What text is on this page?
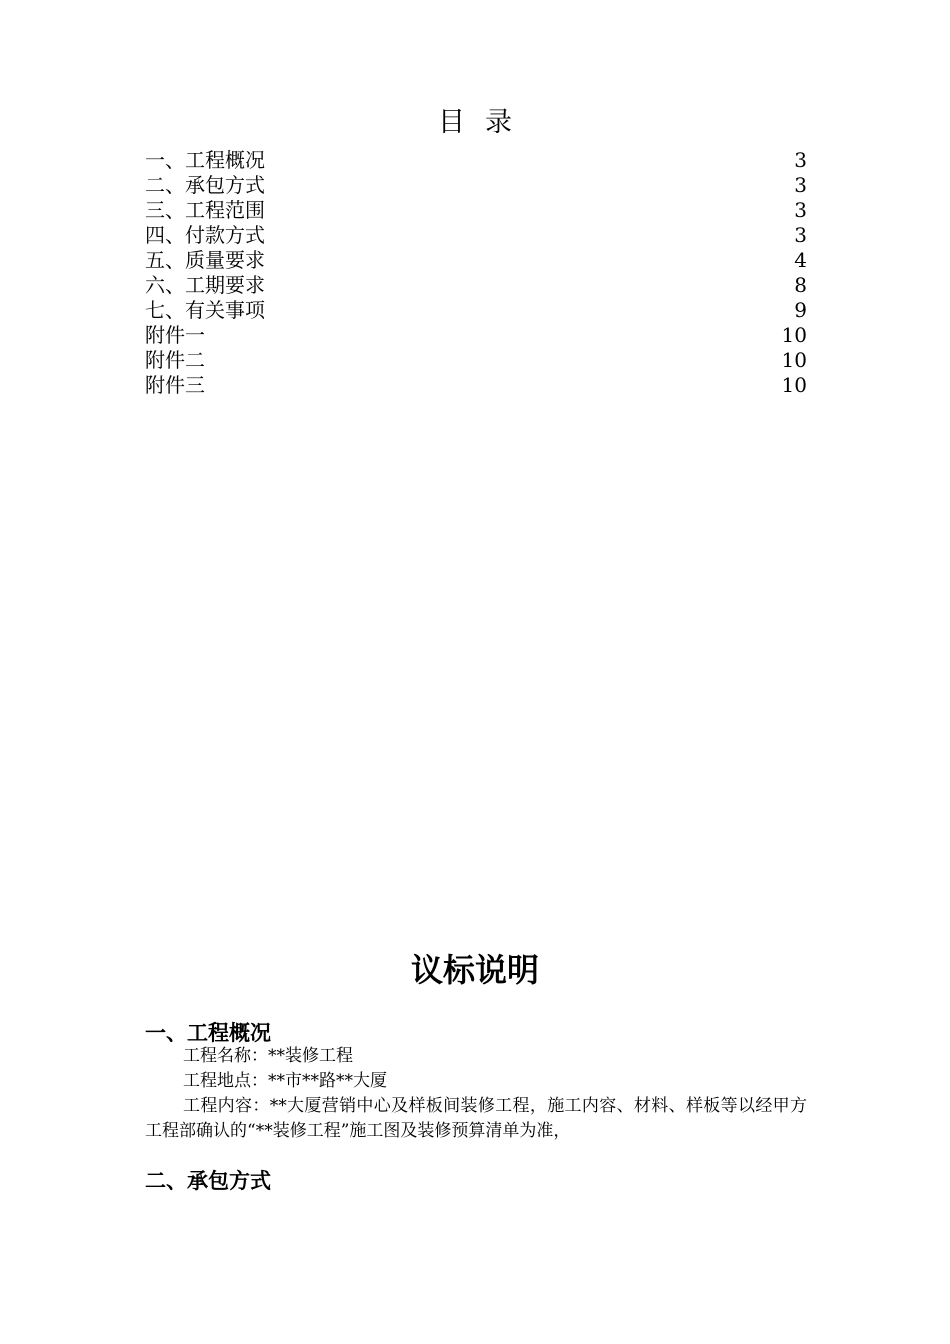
目录
一、工程概况	3
二、承包方式	3
三、工程范围	3
四、付款方式	3
五、质量要求	4
六、工期要求	8
七、有关事项	9
附件一	10
附件二	10
附件三	10
议标说明
一、工程概况
工程名称：**装修工程
工程地点：**市**路**大厦
工程内容：**大厦营销中心及样板间装修工程，施工内容、材料、样板等以经甲方工程部确认的“**装修工程”施工图及装修预算清单为准，
二、承包方式
